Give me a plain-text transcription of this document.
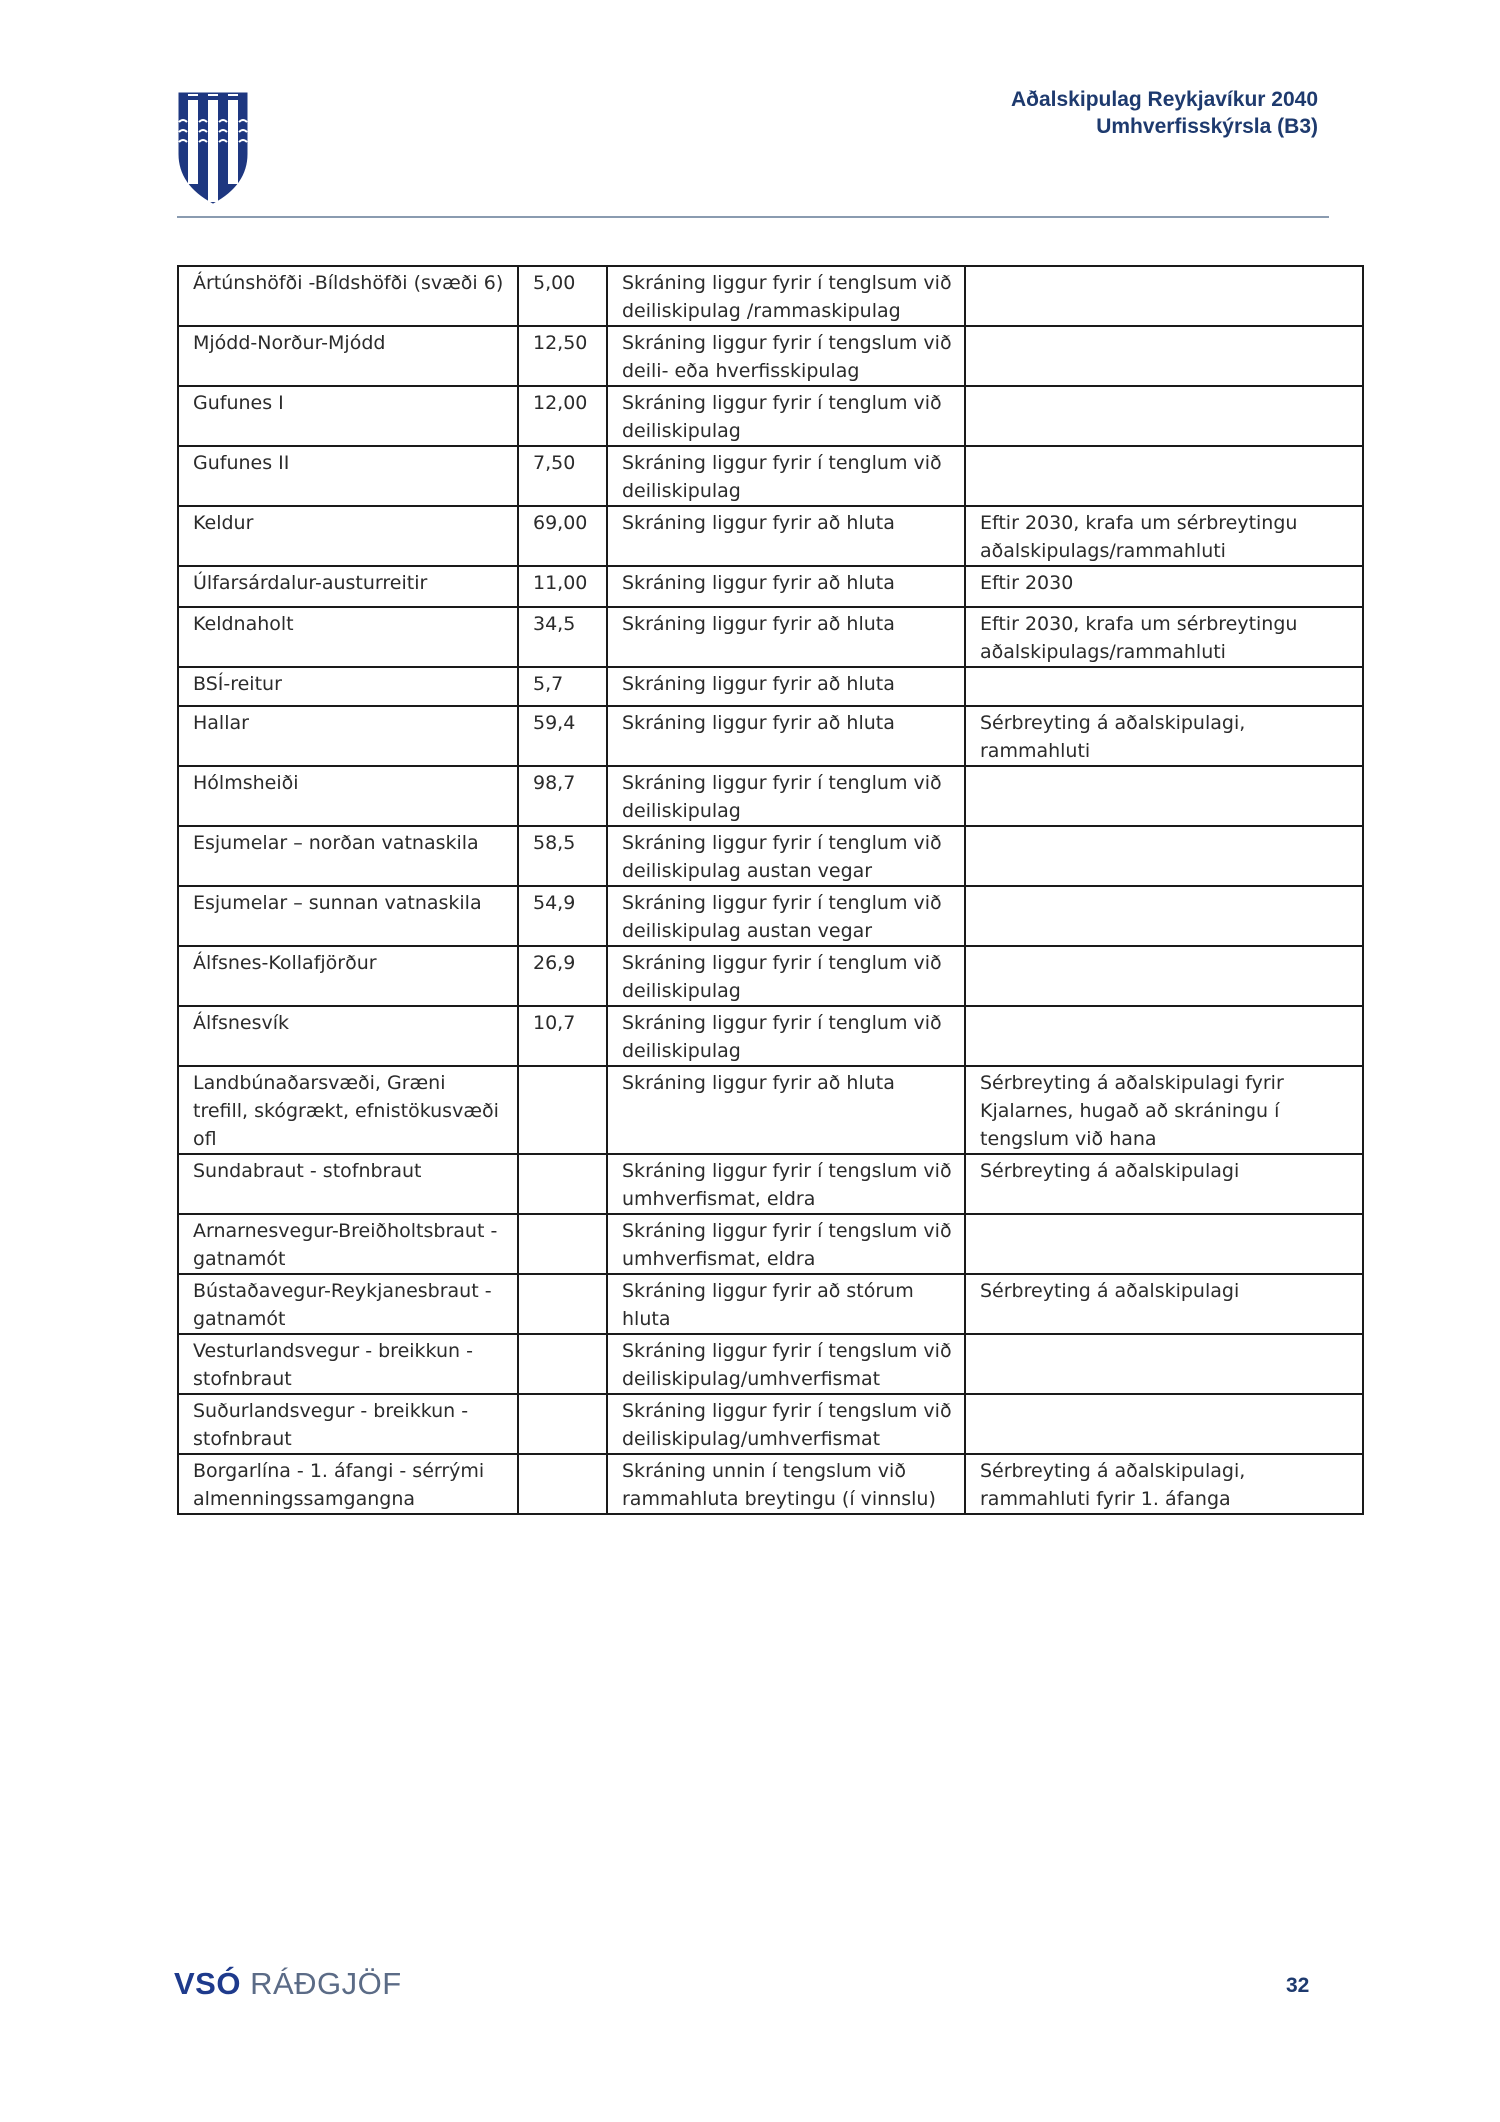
Aðalskipulag Reykjavíkur 2040
Umhverfisskýrsla (B3)
Ártúnshöfði -Bíldshöfði (svæði 6)	5,00	Skráning liggur fyrir í tenglsum við deiliskipulag /rammaskipulag	
Mjódd-Norður-Mjódd	12,50	Skráning liggur fyrir í tengslum við deili- eða hverfisskipulag	
Gufunes I	12,00	Skráning liggur fyrir í tenglum við deiliskipulag	
Gufunes II	7,50	Skráning liggur fyrir í tenglum við deiliskipulag	
Keldur	69,00	Skráning liggur fyrir að hluta	Eftir 2030, krafa um sérbreytingu aðalskipulags/rammahluti
Úlfarsárdalur-austurreitir	11,00	Skráning liggur fyrir að hluta	Eftir 2030
Keldnaholt	34,5	Skráning liggur fyrir að hluta	Eftir 2030, krafa um sérbreytingu aðalskipulags/rammahluti
BSÍ-reitur	5,7	Skráning liggur fyrir að hluta	
Hallar	59,4	Skráning liggur fyrir að hluta	Sérbreyting á aðalskipulagi, rammahluti
Hólmsheiði	98,7	Skráning liggur fyrir í tenglum við deiliskipulag	
Esjumelar – norðan vatnaskila	58,5	Skráning liggur fyrir í tenglum við deiliskipulag austan vegar	
Esjumelar – sunnan vatnaskila	54,9	Skráning liggur fyrir í tenglum við deiliskipulag austan vegar	
Álfsnes-Kollafjörður	26,9	Skráning liggur fyrir í tenglum við deiliskipulag	
Álfsnesvík	10,7	Skráning liggur fyrir í tenglum við deiliskipulag	
Landbúnaðarsvæði, Græni trefill, skógrækt, efnistökusvæði ofl		Skráning liggur fyrir að hluta	Sérbreyting á aðalskipulagi fyrir Kjalarnes, hugað að skráningu í tengslum við hana
Sundabraut - stofnbraut		Skráning liggur fyrir í tengslum við umhverfismat, eldra	Sérbreyting á aðalskipulagi
Arnarnesvegur-Breiðholtsbraut - gatnamót		Skráning liggur fyrir í tengslum við umhverfismat, eldra	
Bústaðavegur-Reykjanesbraut - gatnamót		Skráning liggur fyrir að stórum hluta	Sérbreyting á aðalskipulagi
Vesturlandsvegur - breikkun - stofnbraut		Skráning liggur fyrir í tengslum við deiliskipulag/umhverfismat	
Suðurlandsvegur - breikkun - stofnbraut		Skráning liggur fyrir í tengslum við deiliskipulag/umhverfismat	
Borgarlína - 1. áfangi - sérrými almenningssamgangna		Skráning unnin í tengslum við rammahluta breytingu (í vinnslu)	Sérbreyting á aðalskipulagi, rammahluti fyrir 1. áfanga
VSÓ RÁÐGJÖF	32
